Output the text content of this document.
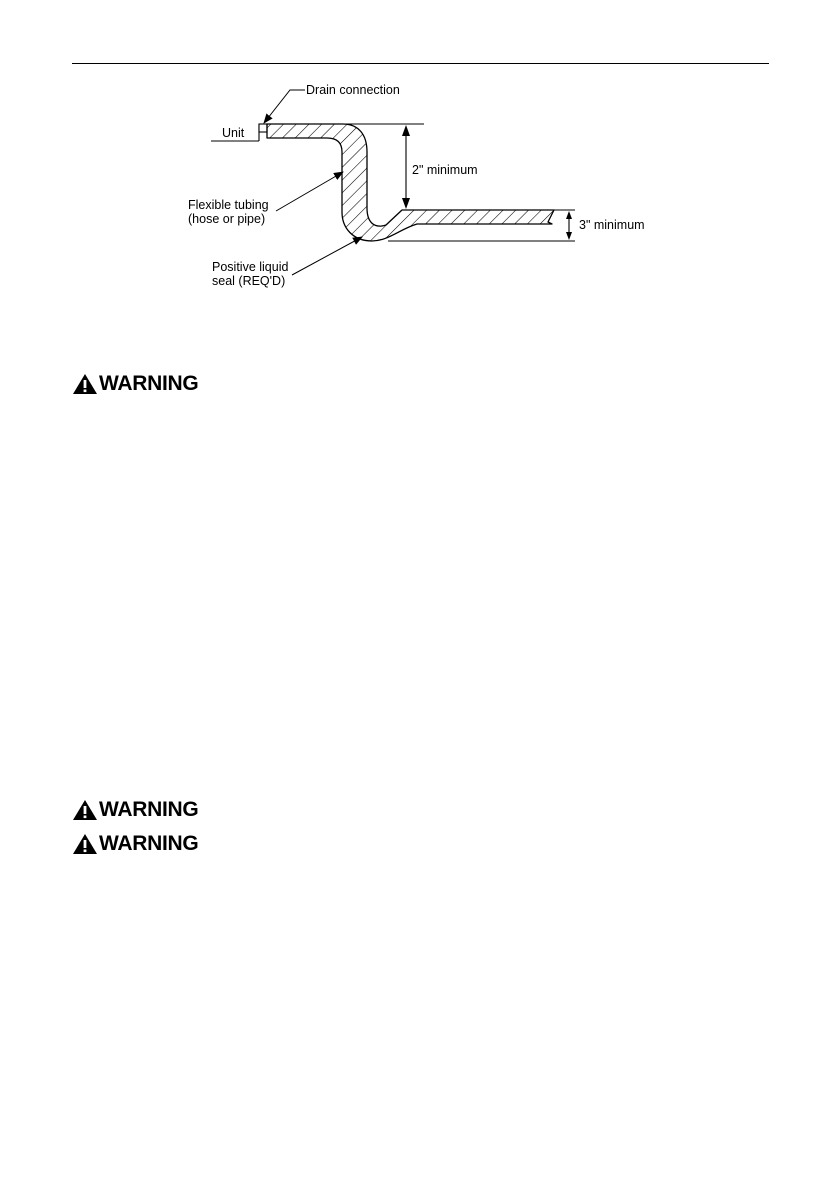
Drain connection
Unit
Flexible tubing
(hose or pipe)
Positive liquid
seal (REQ'D)
2" minimum
3" minimum
WARNING
WARNING
WARNING
